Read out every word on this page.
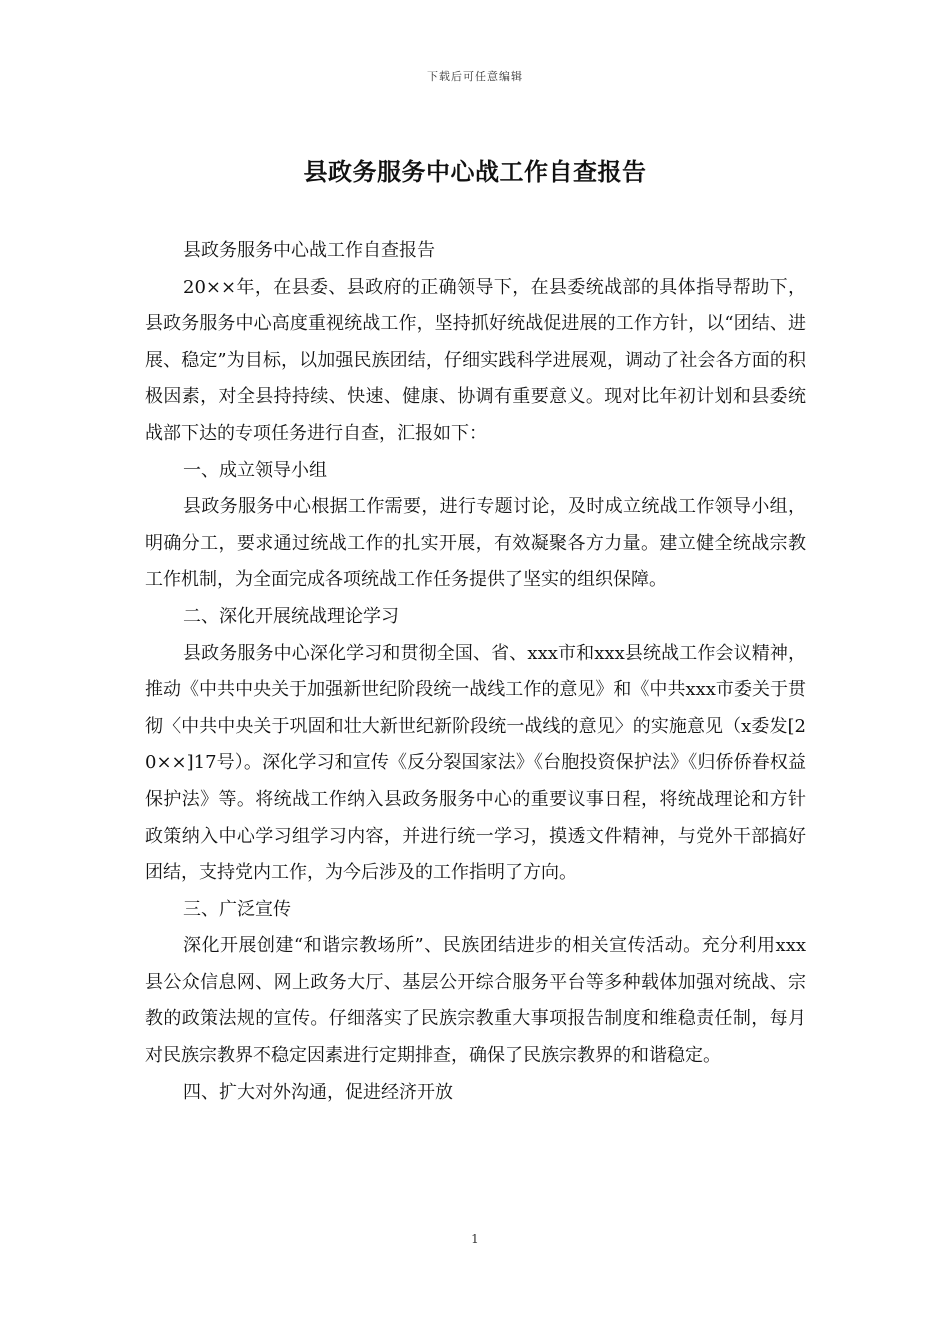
下载后可任意编辑
县政务服务中心战工作自查报告

县政务服务中心战工作自查报告

20××年，在县委、县政府的正确领导下，在县委统战部的具体指导帮助下，县政务服务中心高度重视统战工作，坚持抓好统战促进展的工作方针，以“团结、进展、稳定”为目标，以加强民族团结，仔细实践科学进展观，调动了社会各方面的积极因素，对全县持持续、快速、健康、协调有重要意义。现对比年初计划和县委统战部下达的专项任务进行自查，汇报如下：

一、成立领导小组

县政务服务中心根据工作需要，进行专题讨论，及时成立统战工作领导小组，明确分工，要求通过统战工作的扎实开展，有效凝聚各方力量。建立健全统战宗教工作机制，为全面完成各项统战工作任务提供了坚实的组织保障。

二、深化开展统战理论学习

县政务服务中心深化学习和贯彻全国、省、xxx市和xxx县统战工作会议精神，推动《中共中央关于加强新世纪阶段统一战线工作的意见》和《中共xxx市委关于贯彻〈中共中央关于巩固和壮大新世纪新阶段统一战线的意见〉的实施意见（x委发[20××]17号）。深化学习和宣传《反分裂国家法》《台胞投资保护法》《归侨侨眷权益保护法》等。将统战工作纳入县政务服务中心的重要议事日程，将统战理论和方针政策纳入中心学习组学习内容，并进行统一学习，摸透文件精神，与党外干部搞好团结，支持党内工作，为今后涉及的工作指明了方向。

三、广泛宣传

深化开展创建“和谐宗教场所”、民族团结进步的相关宣传活动。充分利用xxx县公众信息网、网上政务大厅、基层公开综合服务平台等多种载体加强对统战、宗教的政策法规的宣传。仔细落实了民族宗教重大事项报告制度和维稳责任制，每月对民族宗教界不稳定因素进行定期排查，确保了民族宗教界的和谐稳定。

四、扩大对外沟通，促进经济开放

1
